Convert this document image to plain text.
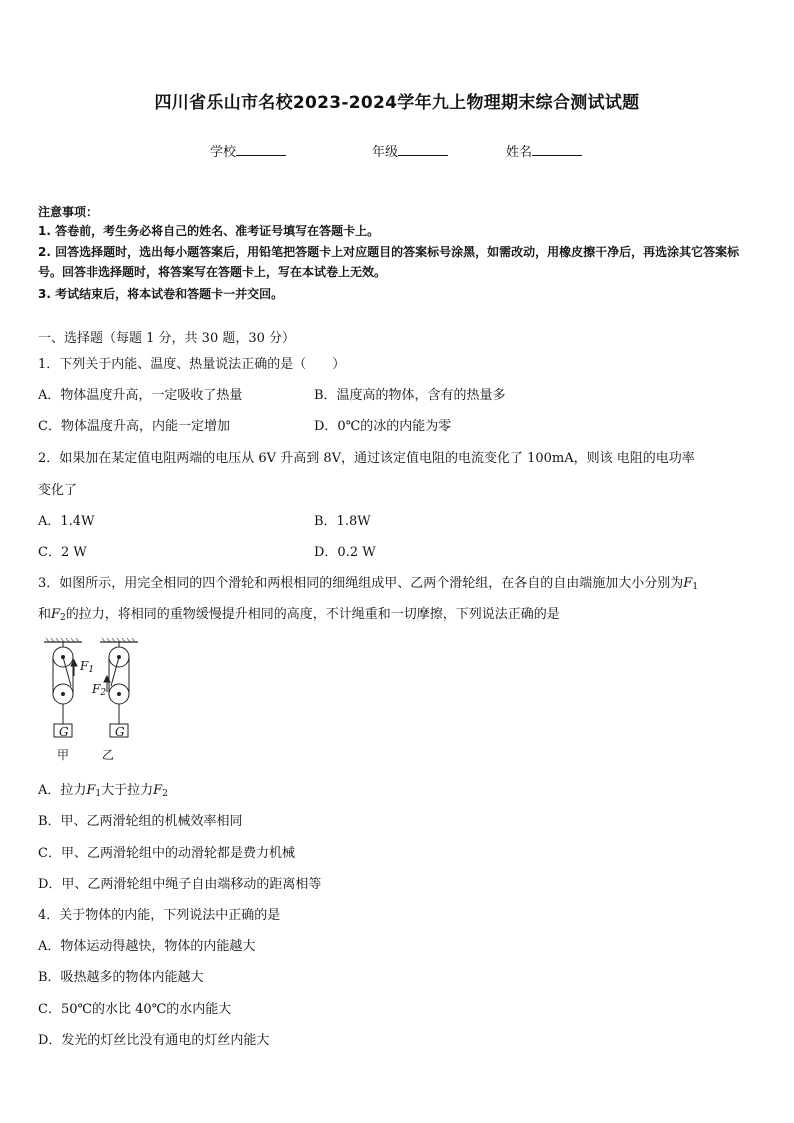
四川省乐山市名校2023-2024学年九上物理期末综合测试试题
学校	年级	姓名
注意事项：
1. 答卷前，考生务必将自己的姓名、准考证号填写在答题卡上。
2. 回答选择题时，选出每小题答案后，用铅笔把答题卡上对应题目的答案标号涂黑，如需改动，用橡皮擦干净后，再选涂其它答案标号。回答非选择题时，将答案写在答题卡上，写在本试卷上无效。
3. 考试结束后，将本试卷和答题卡一并交回。
一、选择题（每题 1 分，共 30 题，30 分）
1．下列关于内能、温度、热量说法正确的是（　　）
A．物体温度升高，一定吸收了热量	B．温度高的物体，含有的热量多
C．物体温度升高，内能一定增加	D．0℃的冰的内能为零
2．如果加在某定值电阻两端的电压从 6V 升高到 8V，通过该定值电阻的电流变化了 100mA，则该 电阻的电功率
变化了
A．1.4W	B．1.8W
C．2 W	D．0.2 W
3．如图所示，用完全相同的四个滑轮和两根相同的细绳组成甲、乙两个滑轮组，在各自的自由端施加大小分别为$F_1$
和$F_2$的拉力，将相同的重物缓慢提升相同的高度，不计绳重和一切摩擦，下列说法正确的是
$F_1$
$F_2$
G	G
甲	乙
A．拉力$F_1$大于拉力$F_2$
B．甲、乙两滑轮组的机械效率相同
C．甲、乙两滑轮组中的动滑轮都是费力机械
D．甲、乙两滑轮组中绳子自由端移动的距离相等
4．关于物体的内能，下列说法中正确的是
A．物体运动得越快，物体的内能越大
B．吸热越多的物体内能越大
C．50℃的水比 40℃的水内能大
D．发光的灯丝比没有通电的灯丝内能大
